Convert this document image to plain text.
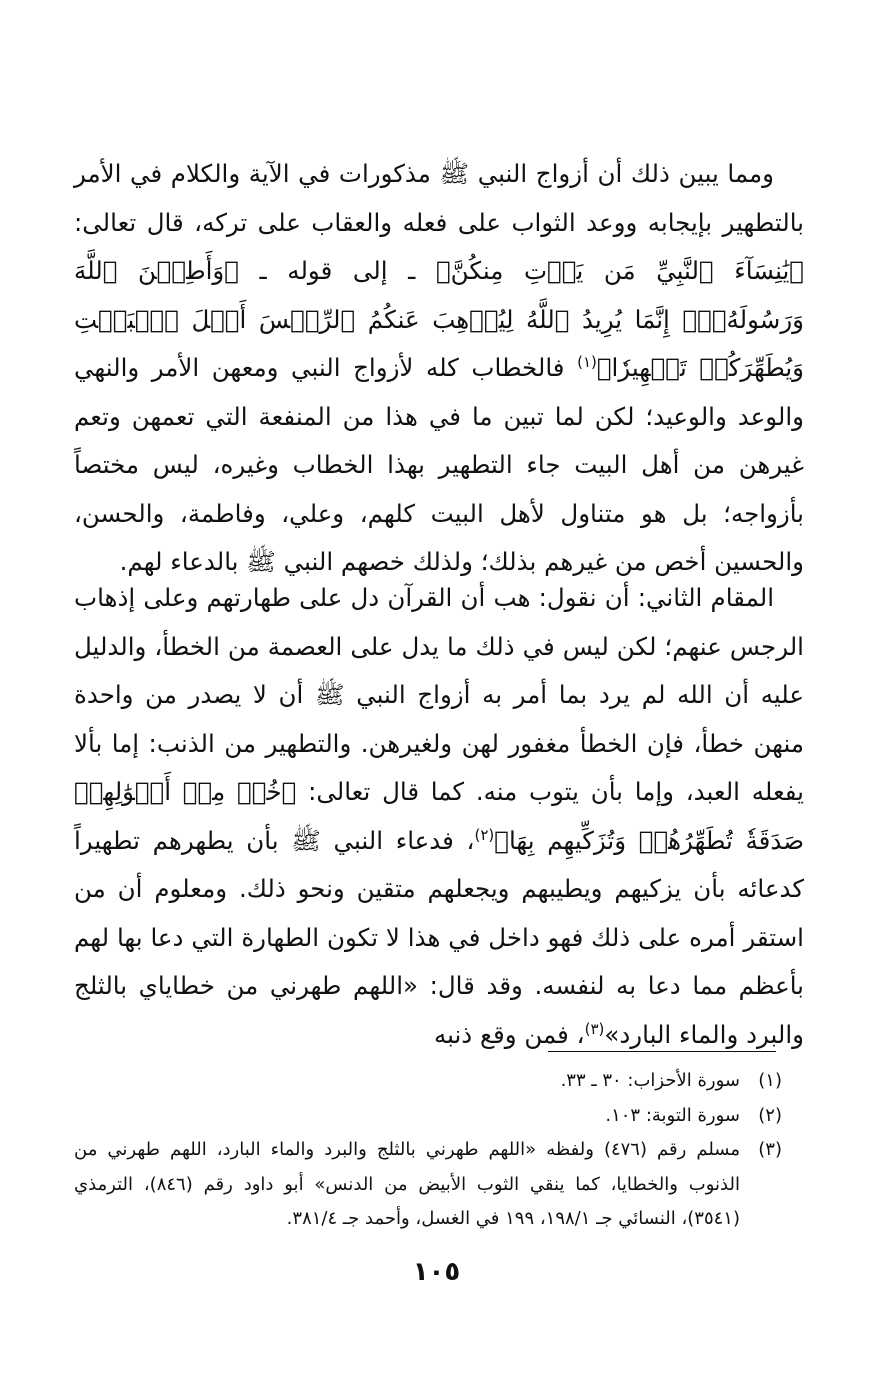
ومما يبين ذلك أن أزواج النبي ﷺ مذكورات في الآية والكلام في الأمر بالتطهير بإيجابه ووعد الثواب على فعله والعقاب على تركه، قال تعالى: ﴿يَٰنِسَآءَ ٱلنَّبِيِّ مَن يَأۡتِ مِنكُنَّ﴾ ـ إلى قوله ـ ﴿وَأَطِعۡنَ ٱللَّهَ وَرَسُولَهُۥٓۚ إِنَّمَا يُرِيدُ ٱللَّهُ لِيُذۡهِبَ عَنكُمُ ٱلرِّجۡسَ أَهۡلَ ٱلۡبَيۡتِ وَيُطَهِّرَكُمۡ تَطۡهِيرٗا﴾$^{(١)}$ فالخطاب كله لأزواج النبي ومعهن الأمر والنهي والوعد والوعيد؛ لكن لما تبين ما في هذا من المنفعة التي تعمهن وتعم غيرهن من أهل البيت جاء التطهير بهذا الخطاب وغيره، ليس مختصاً بأزواجه؛ بل هو متناول لأهل البيت كلهم، وعلي، وفاطمة، والحسن، والحسين أخص من غيرهم بذلك؛ ولذلك خصهم النبي ﷺ بالدعاء لهم.

المقام الثاني: أن نقول: هب أن القرآن دل على طهارتهم وعلى إذهاب الرجس عنهم؛ لكن ليس في ذلك ما يدل على العصمة من الخطأ، والدليل عليه أن الله لم يرد بما أمر به أزواج النبي ﷺ أن لا يصدر من واحدة منهن خطأ، فإن الخطأ مغفور لهن ولغيرهن. والتطهير من الذنب: إما بألا يفعله العبد، وإما بأن يتوب منه. كما قال تعالى: ﴿خُذۡ مِنۡ أَمۡوَٰلِهِمۡ صَدَقَةٗ تُطَهِّرُهُمۡ وَتُزَكِّيهِم بِهَا﴾$^{(٢)}$، فدعاء النبي ﷺ بأن يطهرهم تطهيراً كدعائه بأن يزكيهم ويطيبهم ويجعلهم متقين ونحو ذلك. ومعلوم أن من استقر أمره على ذلك فهو داخل في هذا لا تكون الطهارة التي دعا بها لهم بأعظم مما دعا به لنفسه. وقد قال: «اللهم طهرني من خطاياي بالثلج والبرد والماء البارد»$^{(٣)}$، فمن وقع ذنبه

(١)
سورة الأحزاب: ٣٠ ـ ٣٣.
(٢)
سورة التوبة: ١٠٣.
(٣)
مسلم رقم (٤٧٦) ولفظه «اللهم طهرني بالثلج والبرد والماء البارد، اللهم طهرني من الذنوب والخطايا، كما ينقي الثوب الأبيض من الدنس» أبو داود رقم (٨٤٦)، الترمذي (٣٥٤١)، النسائي جـ ١٩٨/١، ١٩٩ في الغسل، وأحمد جـ ٣٨١/٤.
١٠٥
